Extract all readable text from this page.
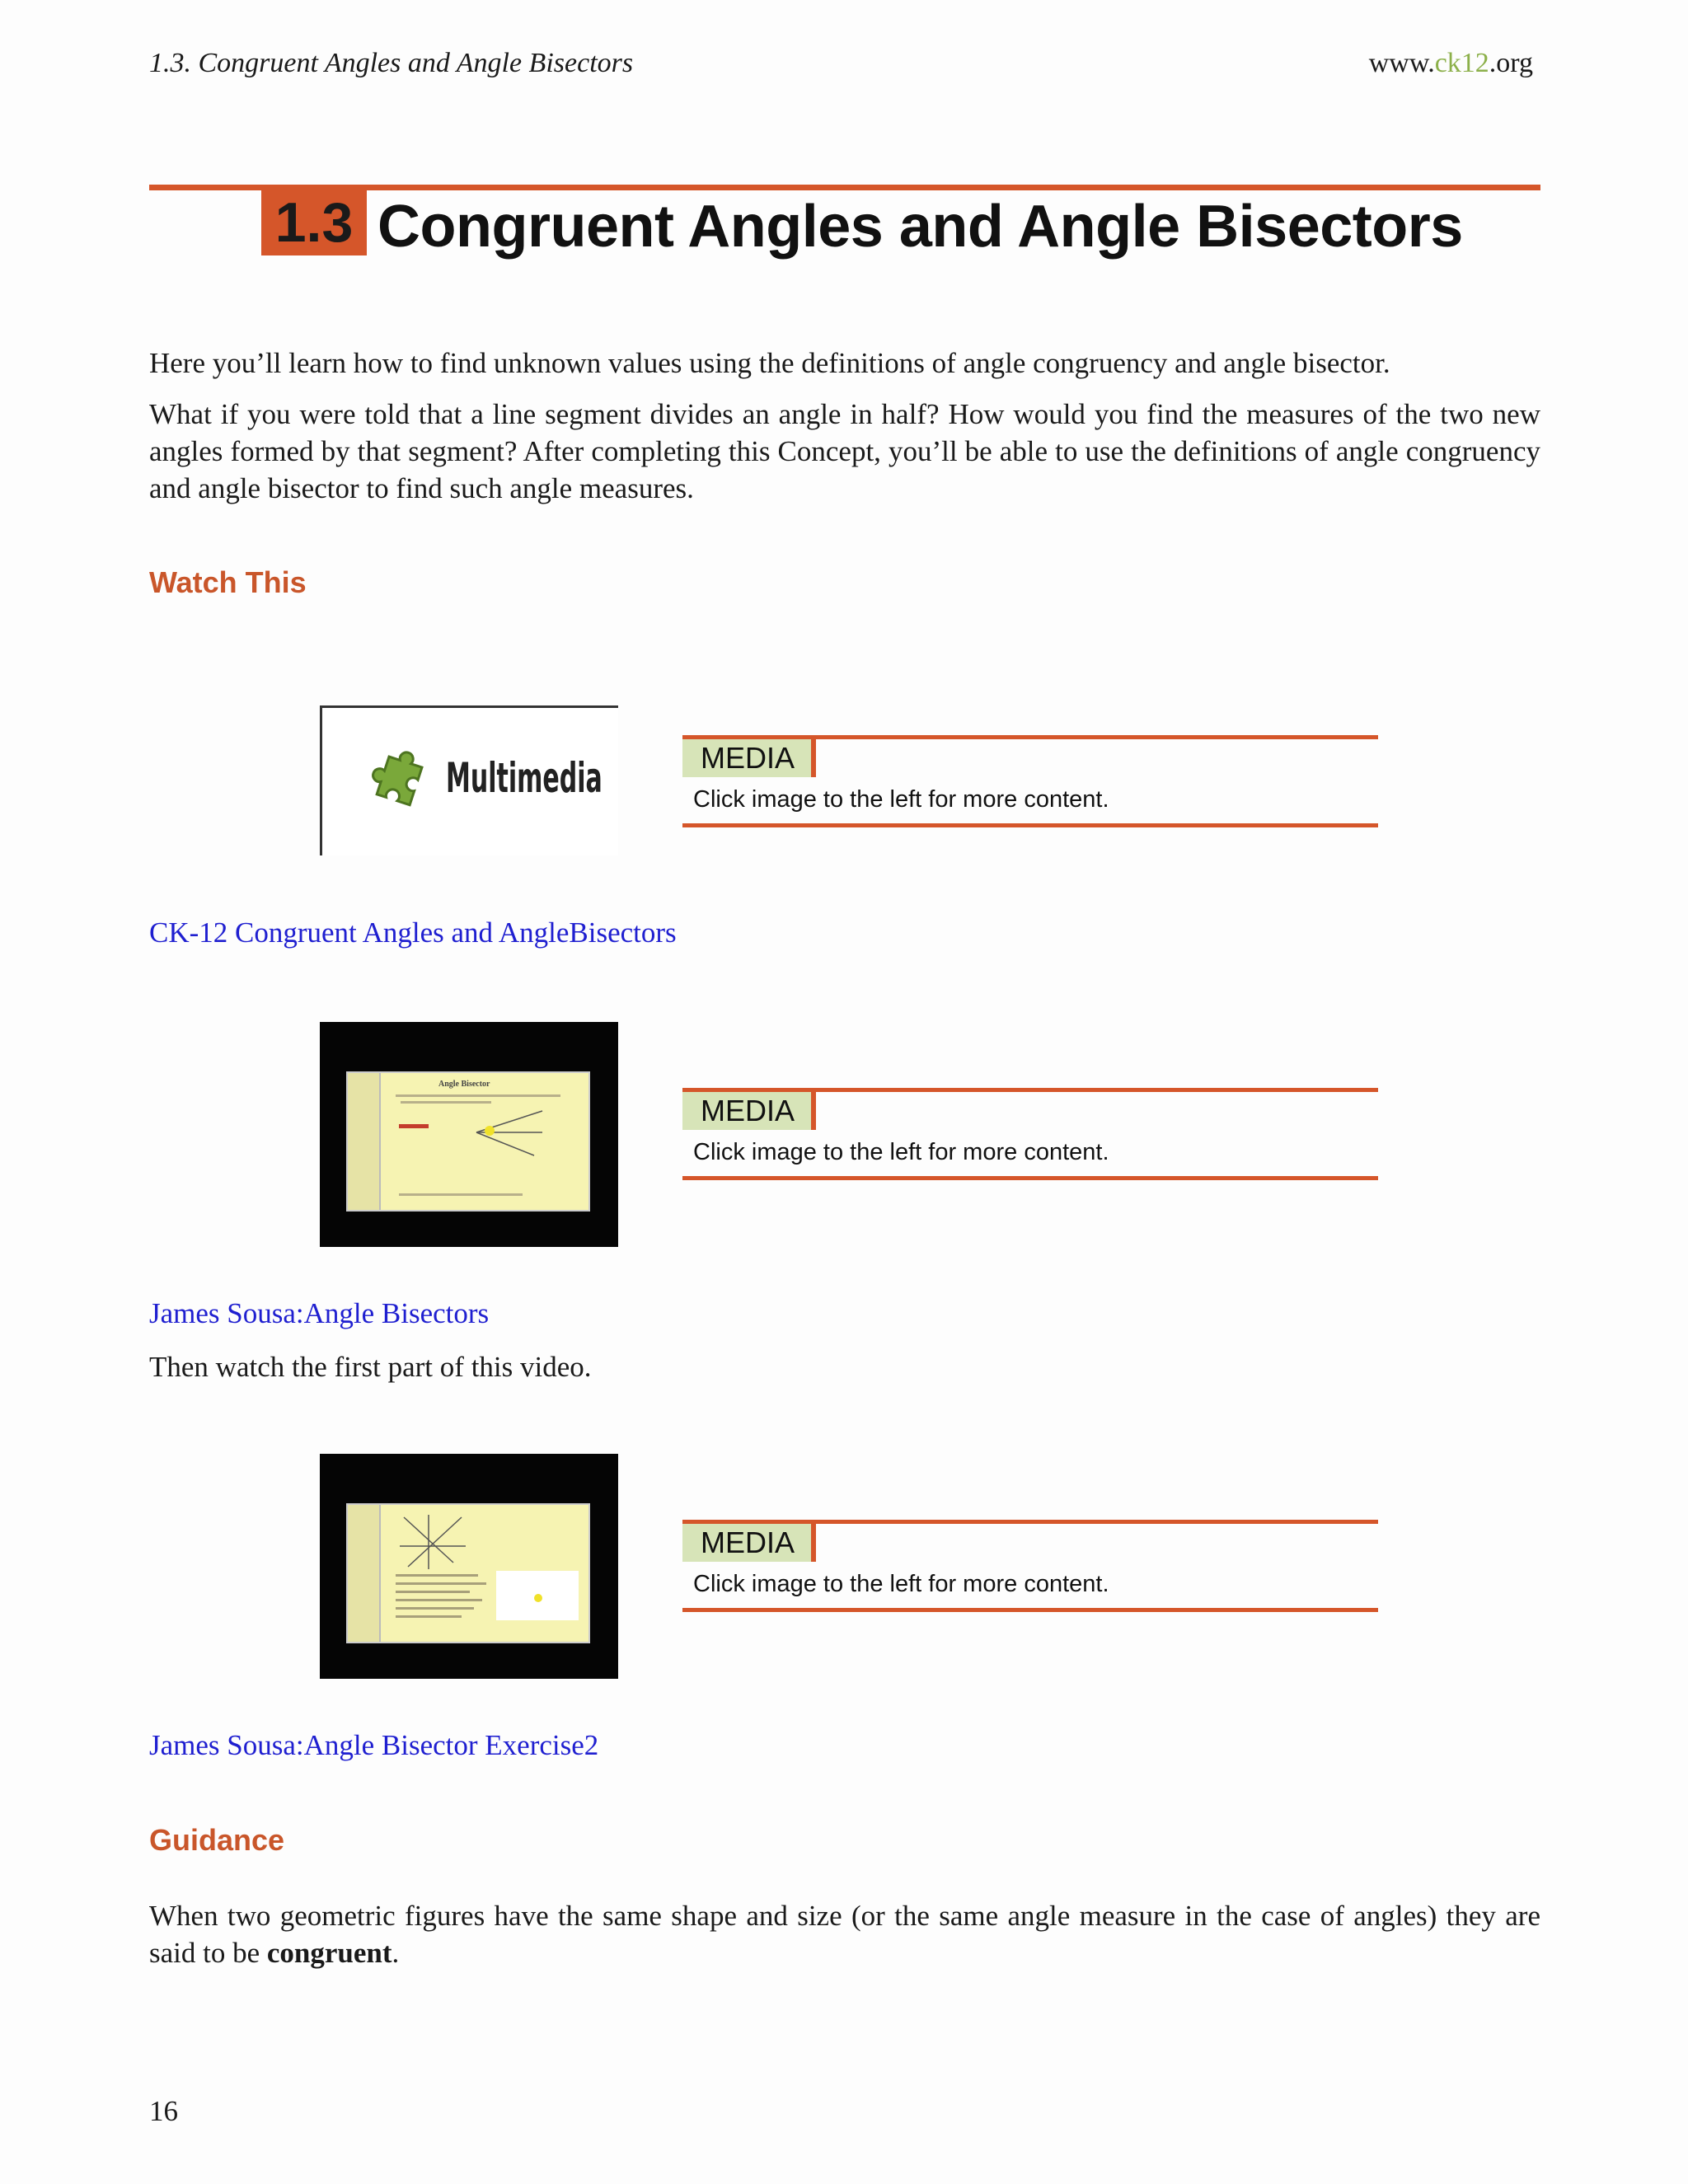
1.3. Congruent Angles and Angle Bisectors	www.ck12.org
1.3 Congruent Angles and Angle Bisectors

Here you’ll learn how to find unknown values using the definitions of angle congruency and angle bisector.

What if you were told that a line segment divides an angle in half? How would you find the measures of the two new angles formed by that segment? After completing this Concept, you’ll be able to use the definitions of angle congruency and angle bisector to find such angle measures.

Watch This
Multimedia	MEDIA
Click image to the left for more content.
CK-12 Congruent Angles and AngleBisectors
Angle Bisector
MEDIA
Click image to the left for more content.
James Sousa:Angle Bisectors

Then watch the first part of this video.

MEDIA
Click image to the left for more content.
James Sousa:Angle Bisector Exercise2
Guidance

When two geometric figures have the same shape and size (or the same angle measure in the case of angles) they are said to be congruent.

16
